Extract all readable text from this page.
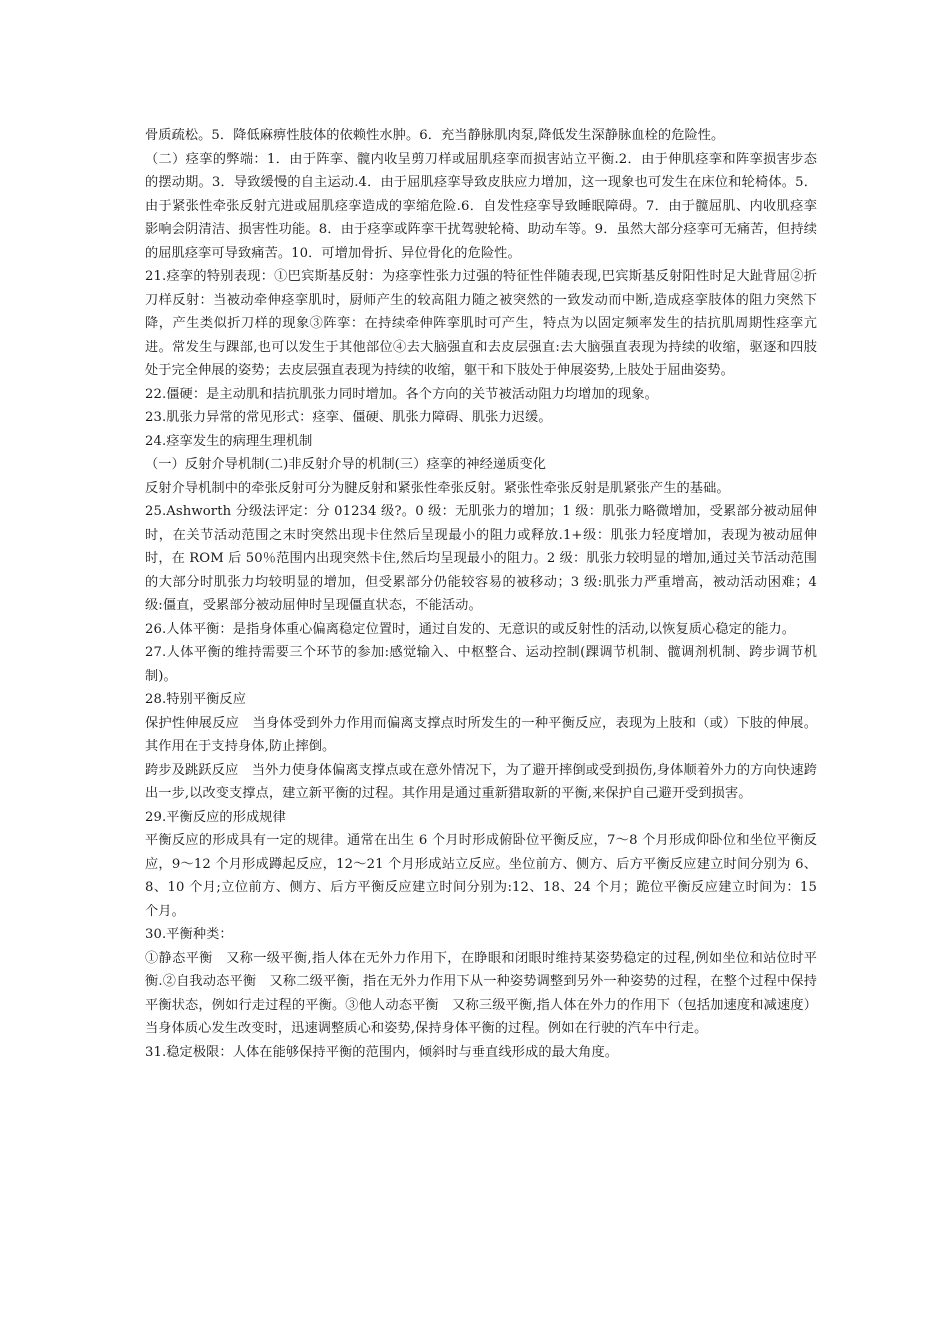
骨质疏松。5．降低麻痹性肢体的依赖性水肿。6．充当静脉肌肉泵,降低发生深静脉血栓的危险性。

（二）痉挛的弊端：1．由于阵挛、髋内收呈剪刀样或屈肌痉挛而损害站立平衡.2．由于伸肌痉挛和阵挛损害步态的摆动期。3．导致缓慢的自主运动.4．由于屈肌痉挛导致皮肤应力增加，这一现象也可发生在床位和轮椅体。5．由于紧张性牵张反射亢进或屈肌痉挛造成的挛缩危险.6．自发性痉挛导致睡眠障碍。7．由于髋屈肌、内收肌痉挛影响会阴清洁、损害性功能。8．由于痉挛或阵挛干扰驾驶轮椅、助动车等。9．虽然大部分痉挛可无痛苦，但持续的屈肌痉挛可导致痛苦。10．可增加骨折、异位骨化的危险性。

21.痉挛的特别表现：①巴宾斯基反射：为痉挛性张力过强的特征性伴随表现,巴宾斯基反射阳性时足大趾背屈②折刀样反射：当被动牵伸痉挛肌时，厨师产生的较高阻力随之被突然的一致发动而中断,造成痉挛肢体的阻力突然下降，产生类似折刀样的现象③阵挛：在持续牵伸阵挛肌时可产生，特点为以固定频率发生的拮抗肌周期性痉挛亢进。常发生与踝部,也可以发生于其他部位④去大脑强直和去皮层强直:去大脑强直表现为持续的收缩，驱逐和四肢处于完全伸展的姿势；去皮层强直表现为持续的收缩，躯干和下肢处于伸展姿势,上肢处于屈曲姿势。

22.僵硬：是主动肌和拮抗肌张力同时增加。各个方向的关节被活动阻力均增加的现象。

23.肌张力异常的常见形式：痉挛、僵硬、肌张力障碍、肌张力迟缓。

24.痉挛发生的病理生理机制

（一）反射介导机制(二)非反射介导的机制(三）痉挛的神经递质变化

反射介导机制中的牵张反射可分为腱反射和紧张性牵张反射。紧张性牵张反射是肌紧张产生的基础。

25.Ashworth 分级法评定：分 01234 级?。0 级：无肌张力的增加；1 级：肌张力略微增加，受累部分被动屈伸时，在关节活动范围之末时突然出现卡住然后呈现最小的阻力或释放.1+级：肌张力轻度增加，表现为被动屈伸时，在 ROM 后 50％范围内出现突然卡住,然后均呈现最小的阻力。2 级：肌张力较明显的增加,通过关节活动范围的大部分时肌张力均较明显的增加，但受累部分仍能较容易的被移动；3 级:肌张力严重增高，被动活动困难；4 级:僵直，受累部分被动屈伸时呈现僵直状态，不能活动。

26.人体平衡：是指身体重心偏离稳定位置时，通过自发的、无意识的或反射性的活动,以恢复质心稳定的能力。

27.人体平衡的维持需要三个环节的参加:感觉输入、中枢整合、运动控制(踝调节机制、髋调剂机制、跨步调节机制)。

28.特别平衡反应

保护性伸展反应　当身体受到外力作用而偏离支撑点时所发生的一种平衡反应，表现为上肢和（或）下肢的伸展。其作用在于支持身体,防止摔倒。

跨步及跳跃反应　当外力使身体偏离支撑点或在意外情况下，为了避开摔倒或受到损伤,身体顺着外力的方向快速跨出一步,以改变支撑点，建立新平衡的过程。其作用是通过重新猎取新的平衡,来保护自己避开受到损害。

29.平衡反应的形成规律

平衡反应的形成具有一定的规律。通常在出生 6 个月时形成俯卧位平衡反应，7～8 个月形成仰卧位和坐位平衡反应，9～12 个月形成蹲起反应，12～21 个月形成站立反应。坐位前方、侧方、后方平衡反应建立时间分别为 6、8、10 个月;立位前方、侧方、后方平衡反应建立时间分别为:12、18、24 个月；跪位平衡反应建立时间为：15 个月。

30.平衡种类：

①静态平衡　又称一级平衡,指人体在无外力作用下，在睁眼和闭眼时维持某姿势稳定的过程,例如坐位和站位时平衡.②自我动态平衡　又称二级平衡，指在无外力作用下从一种姿势调整到另外一种姿势的过程，在整个过程中保持平衡状态，例如行走过程的平衡。③他人动态平衡　又称三级平衡,指人体在外力的作用下（包括加速度和减速度）当身体质心发生改变时，迅速调整质心和姿势,保持身体平衡的过程。例如在行驶的汽车中行走。

31.稳定极限：人体在能够保持平衡的范围内，倾斜时与垂直线形成的最大角度。
